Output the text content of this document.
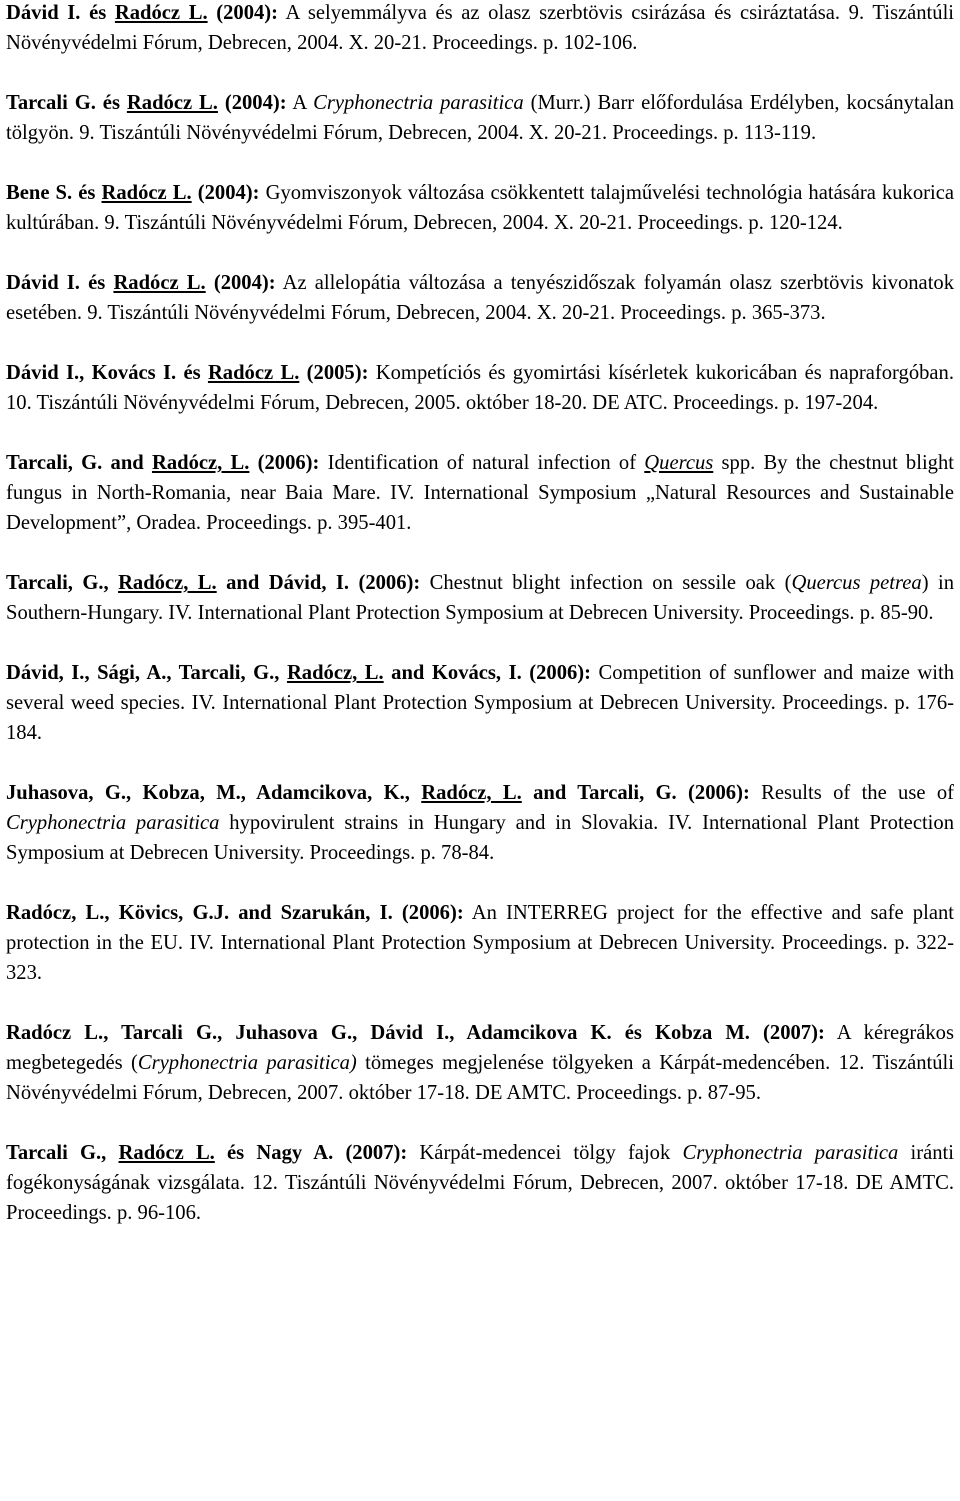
Dávid I. és Radócz L. (2004): A selyemmályva és az olasz szerbtövis csirázása és csiráztatása. 9. Tiszántúli Növényvédelmi Fórum, Debrecen, 2004. X. 20-21. Proceedings. p. 102-106.

Tarcali G. és Radócz L. (2004): A Cryphonectria parasitica (Murr.) Barr előfordulása Erdélyben, kocsánytalan tölgyön. 9. Tiszántúli Növényvédelmi Fórum, Debrecen, 2004. X. 20-21. Proceedings. p. 113-119.

Bene S. és Radócz L. (2004): Gyomviszonyok változása csökkentett talajművelési technológia hatására kukorica kultúrában. 9. Tiszántúli Növényvédelmi Fórum, Debrecen, 2004. X. 20-21. Proceedings. p. 120-124.

Dávid I. és Radócz L. (2004): Az allelopátia változása a tenyészidőszak folyamán olasz szerbtövis kivonatok esetében. 9. Tiszántúli Növényvédelmi Fórum, Debrecen, 2004. X. 20-21. Proceedings. p. 365-373.

Dávid I., Kovács I. és Radócz L. (2005): Kompetíciós és gyomirtási kísérletek kukoricában és napraforgóban. 10. Tiszántúli Növényvédelmi Fórum, Debrecen, 2005. október 18-20. DE ATC. Proceedings. p. 197-204.

Tarcali, G. and Radócz, L. (2006): Identification of natural infection of Quercus spp. By the chestnut blight fungus in North-Romania, near Baia Mare. IV. International Symposium „Natural Resources and Sustainable Development”, Oradea. Proceedings. p. 395-401.

Tarcali, G., Radócz, L. and Dávid, I. (2006): Chestnut blight infection on sessile oak (Quercus petrea) in Southern-Hungary. IV. International Plant Protection Symposium at Debrecen University. Proceedings. p. 85-90.

Dávid, I., Sági, A., Tarcali, G., Radócz, L. and Kovács, I. (2006): Competition of sunflower and maize with several weed species. IV. International Plant Protection Symposium at Debrecen University. Proceedings. p. 176-184.

Juhasova, G., Kobza, M., Adamcikova, K., Radócz, L. and Tarcali, G. (2006): Results of the use of Cryphonectria parasitica hypovirulent strains in Hungary and in Slovakia. IV. International Plant Protection Symposium at Debrecen University. Proceedings. p. 78-84.

Radócz, L., Kövics, G.J. and Szarukán, I. (2006): An INTERREG project for the effective and safe plant protection in the EU. IV. International Plant Protection Symposium at Debrecen University. Proceedings. p. 322-323.

Radócz L., Tarcali G., Juhasova G., Dávid I., Adamcikova K. és Kobza M. (2007): A kéregrákos megbetegedés (Cryphonectria parasitica) tömeges megjelenése tölgyeken a Kárpát-medencében. 12. Tiszántúli Növényvédelmi Fórum, Debrecen, 2007. október 17-18. DE AMTC. Proceedings. p. 87-95.

Tarcali G., Radócz L. és Nagy A. (2007): Kárpát-medencei tölgy fajok Cryphonectria parasitica iránti fogékonyságának vizsgálata. 12. Tiszántúli Növényvédelmi Fórum, Debrecen, 2007. október 17-18. DE AMTC. Proceedings. p. 96-106.
